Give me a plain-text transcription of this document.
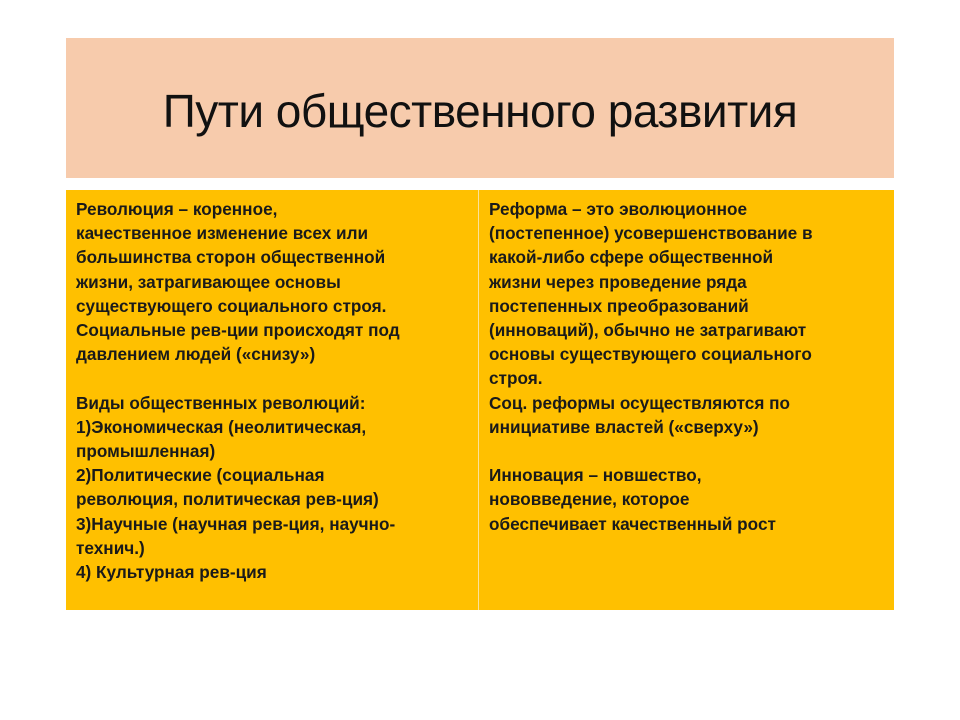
Пути общественного развития

Революция – коренное,
качественное изменение всех или
большинства сторон общественной
жизни, затрагивающее основы
существующего социального строя.

Социальные рев-ции происходят под
давлением людей («снизу»)

Виды общественных революций:

1)Экономическая (неолитическая,
промышленная)

2)Политические (социальная
революция, политическая рев-ция)

3)Научные (научная рев-ция, научно-
технич.)

4) Культурная рев-ция

Реформа – это эволюционное
(постепенное) усовершенствование в
какой-либо сфере общественной
жизни через проведение ряда
постепенных преобразований
(инноваций), обычно не затрагивают
основы существующего социального
строя.

Соц. реформы осуществляются по
инициативе властей («сверху»)

Инновация – новшество,
нововведение, которое
обеспечивает качественный рост
